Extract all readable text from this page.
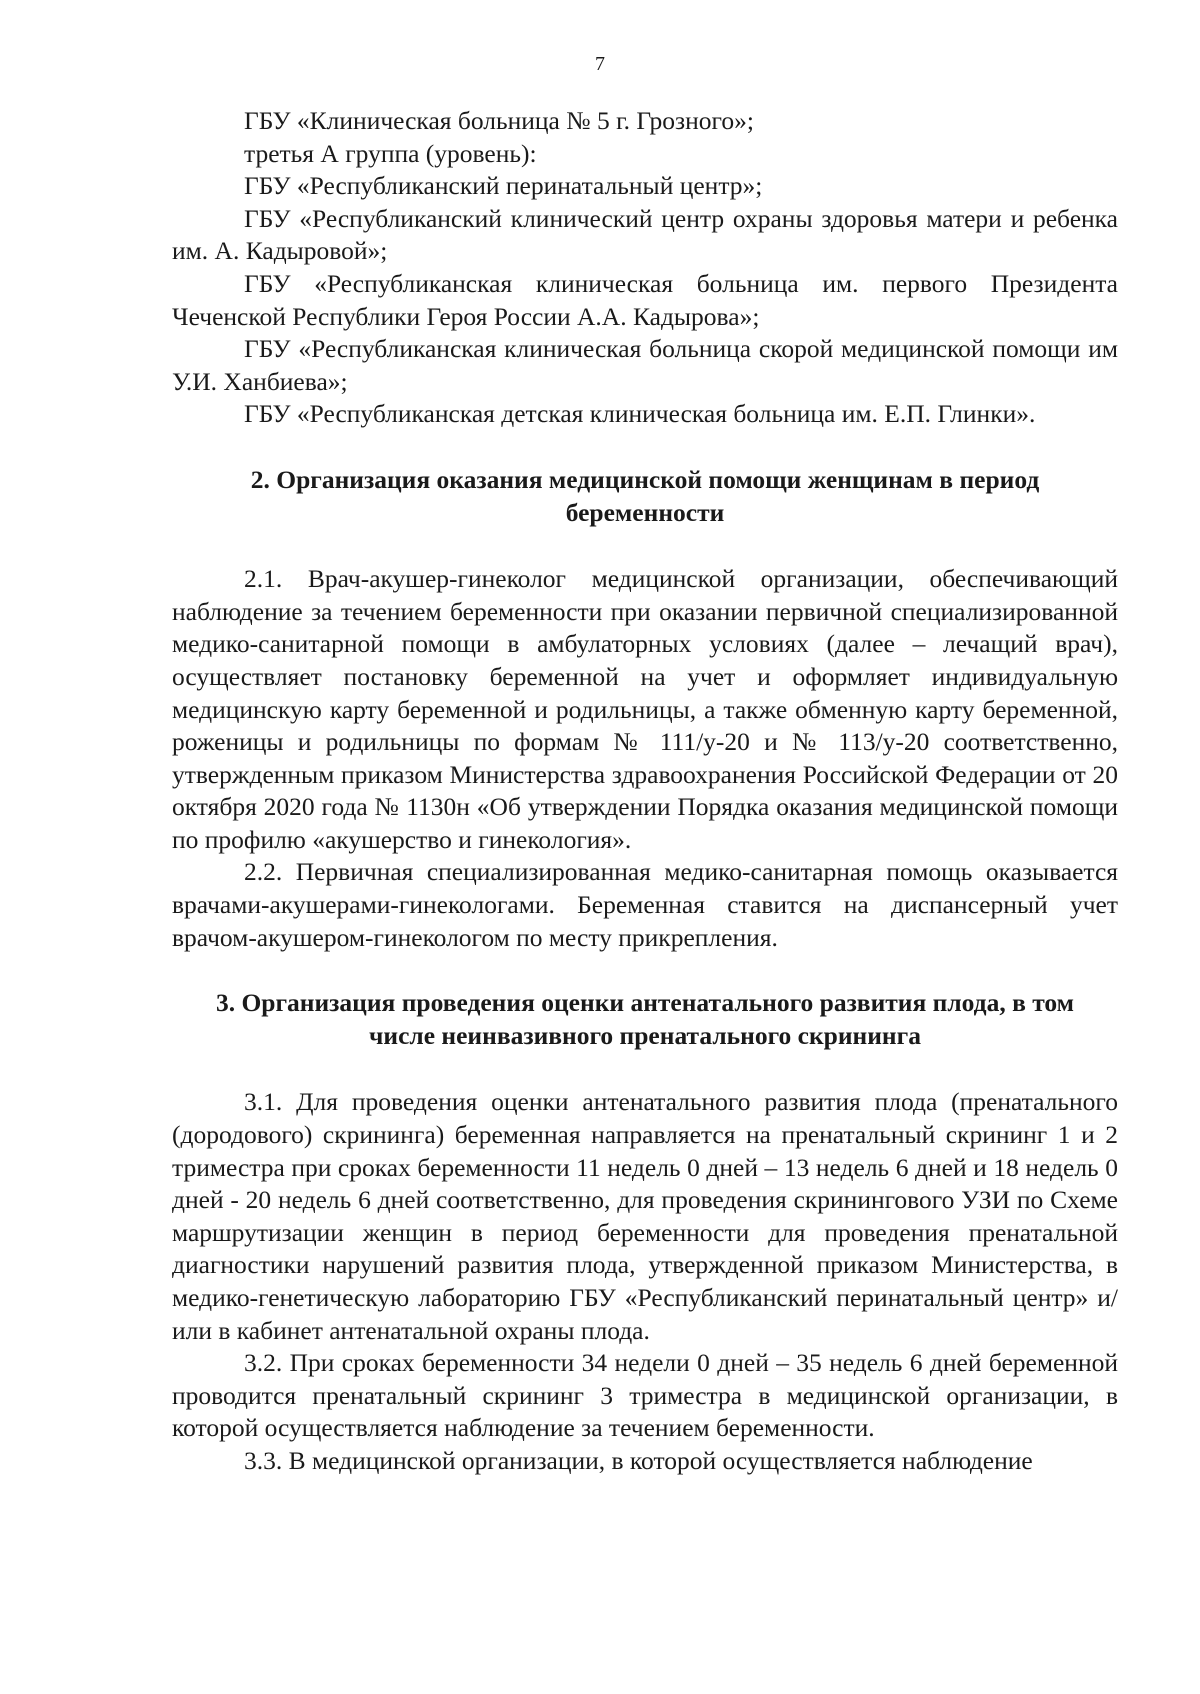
7

ГБУ «Клиническая больница № 5 г. Грозного»;

третья А группа (уровень):

ГБУ «Республиканский перинатальный центр»;

ГБУ «Республиканский клинический центр охраны здоровья матери и ребенка им. А. Кадыровой»;

ГБУ «Республиканская клиническая больница им. первого Президента Чеченской Республики Героя России А.А. Кадырова»;

ГБУ «Республиканская клиническая больница скорой медицинской помощи им У.И. Ханбиева»;

ГБУ «Республиканская детская клиническая больница им. Е.П. Глинки».

2. Организация оказания медицинской помощи женщинам в период беременности

2.1. Врач-акушер-гинеколог медицинской организации, обеспечивающий наблюдение за течением беременности при оказании первичной специализированной медико-санитарной помощи в амбулаторных условиях (далее – лечащий врач), осуществляет постановку беременной на учет и оформляет индивидуальную медицинскую карту беременной и родильницы, а также обменную карту беременной, роженицы и родильницы по формам № 111/у-20 и № 113/у-20 соответственно, утвержденным приказом Министерства здравоохранения Российской Федерации от 20 октября 2020 года № 1130н «Об утверждении Порядка оказания медицинской помощи по профилю «акушерство и гинекология».

2.2. Первичная специализированная медико-санитарная помощь оказывается врачами-акушерами-гинекологами. Беременная ставится на диспансерный учет врачом-акушером-гинекологом по месту прикрепления.

3. Организация проведения оценки антенатального развития плода, в том числе неинвазивного пренатального скрининга

3.1. Для проведения оценки антенатального развития плода (пренатального (дородового) скрининга) беременная направляется на пренатальный скрининг 1 и 2 триместра при сроках беременности 11 недель 0 дней – 13 недель 6 дней и 18 недель 0 дней - 20 недель 6 дней соответственно, для проведения скринингового УЗИ по Схеме маршрутизации женщин в период беременности для проведения пренатальной диагностики нарушений развития плода, утвержденной приказом Министерства, в медико-генетическую лабораторию ГБУ «Республиканский перинатальный центр» и/или в кабинет антенатальной охраны плода.

3.2. При сроках беременности 34 недели 0 дней – 35 недель 6 дней беременной проводится пренатальный скрининг 3 триместра в медицинской организации, в которой осуществляется наблюдение за течением беременности.

3.3. В медицинской организации, в которой осуществляется наблюдение
